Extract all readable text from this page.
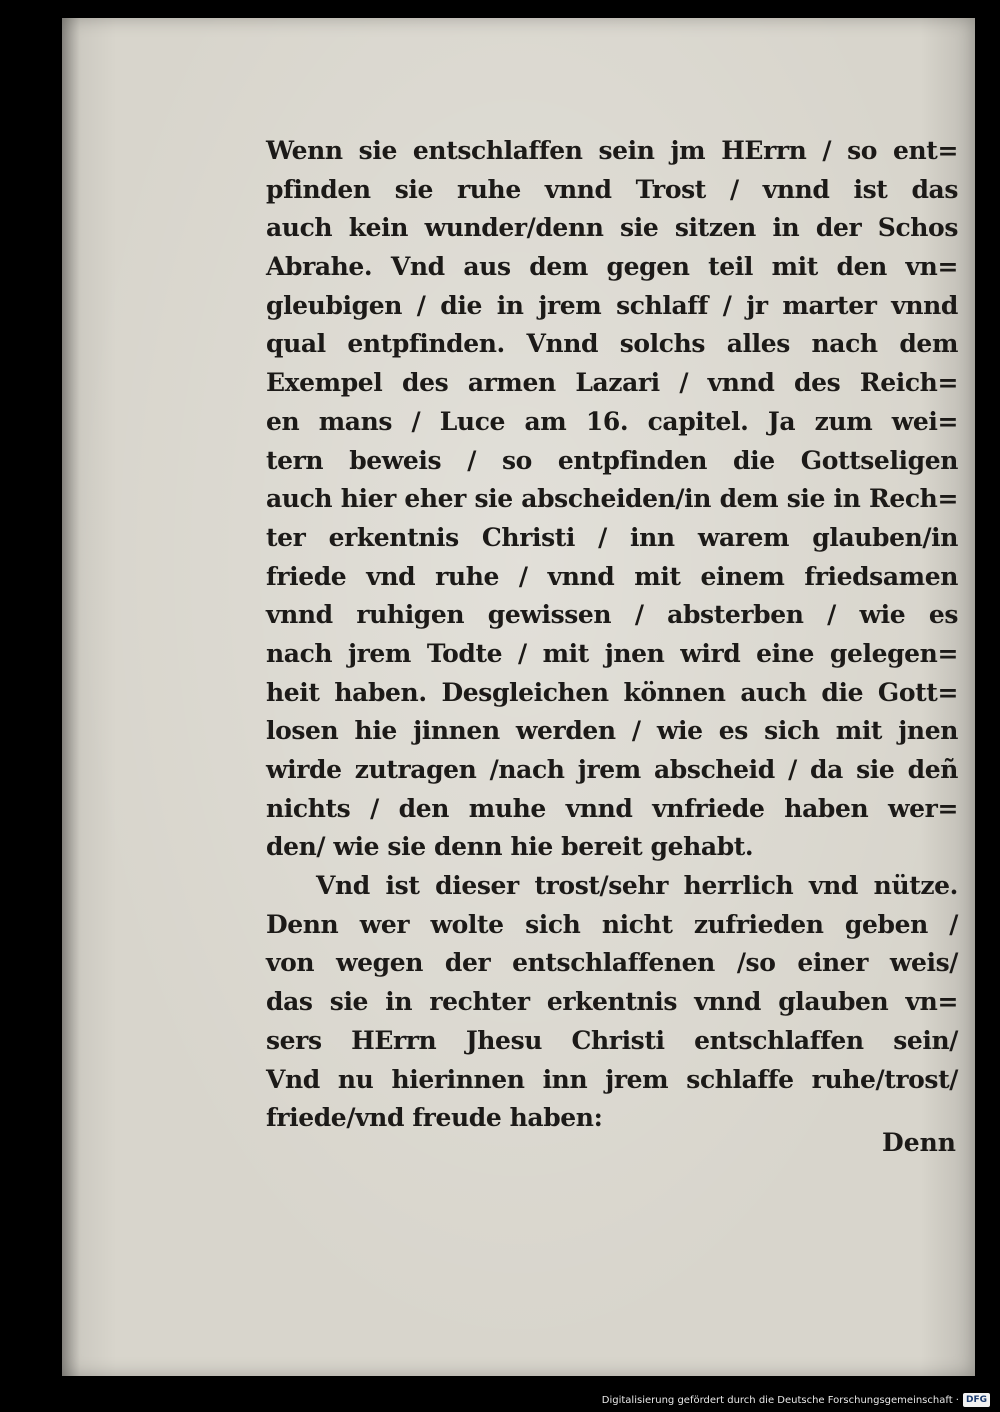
Wenn sie entschlaffen sein jm HErrn / so ent=
pfinden sie ruhe vnnd Trost / vnnd ist das
auch kein wunder/denn sie sitzen in der Schos
Abrahe. Vnd aus dem gegen teil mit den vn=
gleubigen / die in jrem schlaff / jr marter vnnd
qual entpfinden. Vnnd solchs alles nach dem
Exempel des armen Lazari / vnnd des Reich=
en mans / Luce am 16. capitel. Ja zum wei=
tern beweis / so entpfinden die Gottseligen
auch hier eher sie abscheiden/in dem sie in Rech=
ter erkentnis Christi / inn warem glauben/in
friede vnd ruhe / vnnd mit einem friedsamen
vnnd ruhigen gewissen / absterben / wie es
nach jrem Todte / mit jnen wird eine gelegen=
heit haben. Desgleichen können auch die Gott=
losen hie jinnen werden / wie es sich mit jnen
wirde zutragen /nach jrem abscheid / da sie deñ
nichts / den muhe vnnd vnfriede haben wer=
den/ wie sie denn hie bereit gehabt.
Vnd ist dieser trost/sehr herrlich vnd nütze.
Denn wer wolte sich nicht zufrieden geben /
von wegen der entschlaffenen /so einer weis/
das sie in rechter erkentnis vnnd glauben vn=
sers HErrn Jhesu Christi entschlaffen sein/
Vnd nu hierinnen inn jrem schlaffe ruhe/trost/
friede/vnd freude haben:
Denn
Digitalisierung gefördert durch die Deutsche Forschungsgemeinschaft · DFG
